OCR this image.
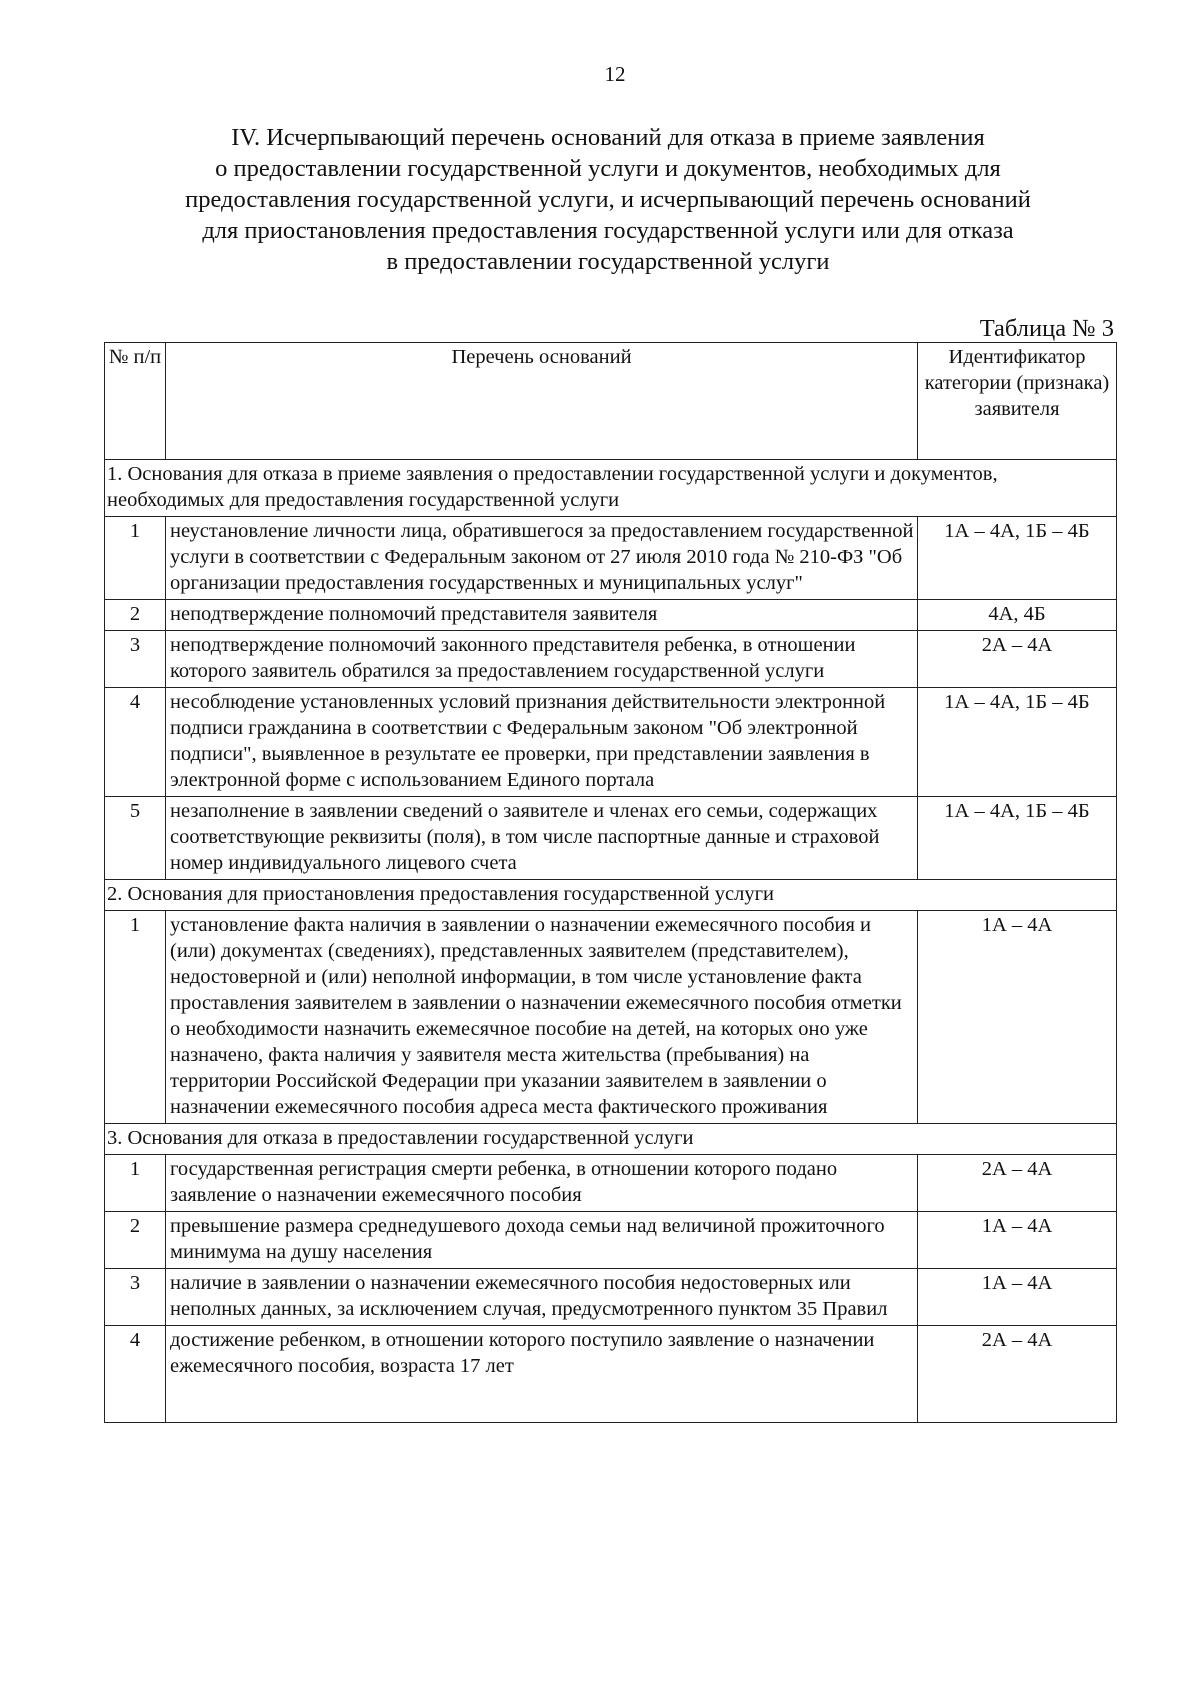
12
IV. Исчерпывающий перечень оснований для отказа в приеме заявления
о предоставлении государственной услуги и документов, необходимых для
предоставления государственной услуги, и исчерпывающий перечень оснований
для приостановления предоставления государственной услуги или для отказа
в предоставлении государственной услуги
Таблица № 3
№ п/п	Перечень оснований	Идентификатор категории (признака) заявителя
1. Основания для отказа в приеме заявления о предоставлении государственной услуги и документов, необходимых для предоставления государственной услуги		
1	неустановление личности лица, обратившегося за предоставлением государственной услуги в соответствии с Федеральным законом от 27 июля 2010 года № 210-ФЗ "Об организации предоставления государственных и муниципальных услуг"	1А – 4А, 1Б – 4Б
2	неподтверждение полномочий представителя заявителя	4А, 4Б
3	неподтверждение полномочий законного представителя ребенка, в отношении которого заявитель обратился за предоставлением государственной услуги	2А – 4А
4	несоблюдение установленных условий признания действительности электронной подписи гражданина в соответствии с Федеральным законом "Об электронной подписи", выявленное в результате ее проверки, при представлении заявления в электронной форме с использованием Единого портала	1А – 4А, 1Б – 4Б
5	незаполнение в заявлении сведений о заявителе и членах его семьи, содержащих соответствующие реквизиты (поля), в том числе паспортные данные и страховой номер индивидуального лицевого счета	1А – 4А, 1Б – 4Б
2. Основания для приостановления предоставления государственной услуги		
1	установление факта наличия в заявлении о назначении ежемесячного пособия и (или) документах (сведениях), представленных заявителем (представителем), недостоверной и (или) неполной информации, в том числе установление факта проставления заявителем в заявлении о назначении ежемесячного пособия отметки о необходимости назначить ежемесячное пособие на детей, на которых оно уже назначено, факта наличия у заявителя места жительства (пребывания) на территории Российской Федерации при указании заявителем в заявлении о назначении ежемесячного пособия адреса места фактического проживания	1А – 4А
3. Основания для отказа в предоставлении государственной услуги		
1	государственная регистрация смерти ребенка, в отношении которого подано заявление о назначении ежемесячного пособия	2А – 4А
2	превышение размера среднедушевого дохода семьи над величиной прожиточного минимума на душу населения	1А – 4А
3	наличие в заявлении о назначении ежемесячного пособия недостоверных или неполных данных, за исключением случая, предусмотренного пунктом 35 Правил	1А – 4А
4	достижение ребенком, в отношении которого поступило заявление о назначении ежемесячного пособия, возраста 17 лет	2А – 4А
